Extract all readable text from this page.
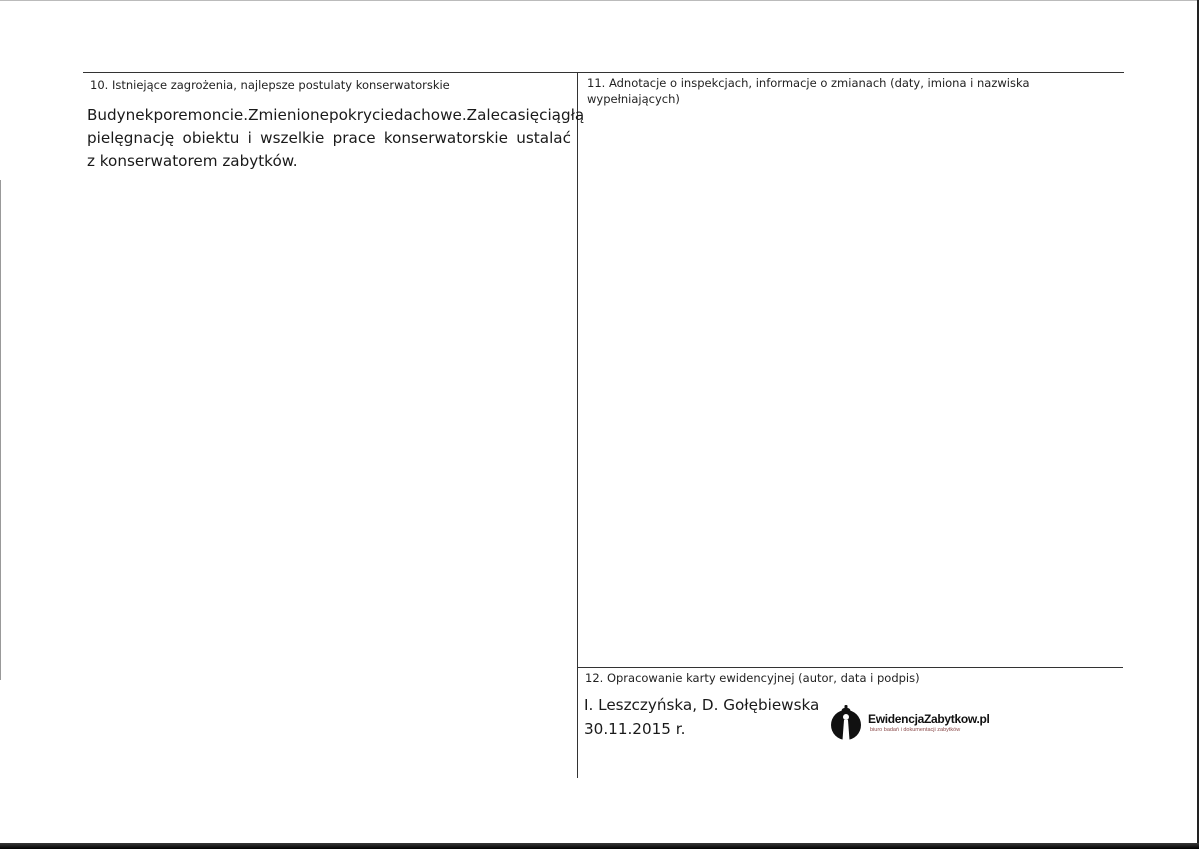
10. Istniejące zagrożenia, najlepsze postulaty konserwatorskie
Budynek po remoncie. Zmienione pokrycie dachowe. Zaleca się ciągłą
pielęgnację obiektu i wszelkie prace konserwatorskie ustalać
z konserwatorem zabytków.
11. Adnotacje o inspekcjach, informacje o zmianach (daty, imiona i nazwiska
wypełniających)
12. Opracowanie karty ewidencyjnej (autor, data i podpis)
I. Leszczyńska, D. Gołębiewska
30.11.2015 r.
EwidencjaZabytkow.pl
biuro badań i dokumentacji zabytków
